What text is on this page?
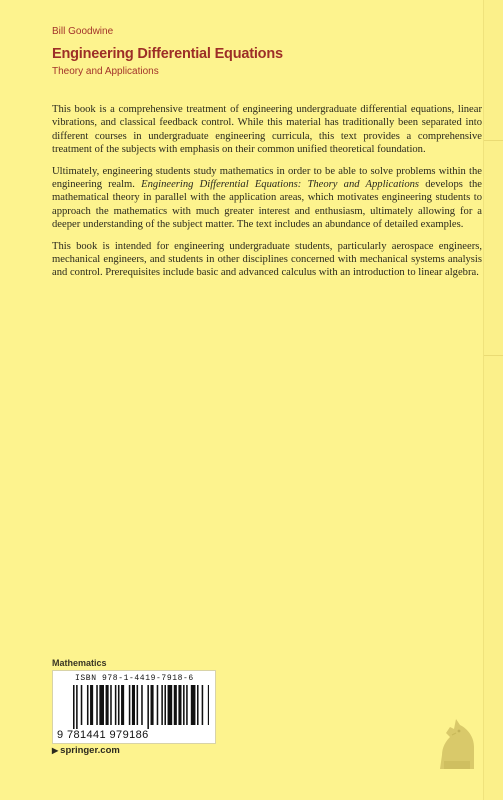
Bill Goodwine
Engineering Differential Equations
Theory and Applications

This book is a comprehensive treatment of engineering undergraduate differential equations, linear vibrations, and classical feedback control. While this material has traditionally been separated into different courses in undergraduate engineering curricula, this text provides a comprehensive treatment of the subjects with emphasis on their common unified theoretical foundation.

Ultimately, engineering students study mathematics in order to be able to solve problems within the engineering realm. Engineering Differential Equations: Theory and Applications develops the mathematical theory in parallel with the application areas, which motivates engineering students to approach the mathematics with much greater interest and enthusiasm, ultimately allowing for a deeper understanding of the subject matter. The text includes an abundance of detailed examples.

This book is intended for engineering undergraduate students, particularly aerospace engineers, mechanical engineers, and students in other disciplines concerned with mechanical systems analysis and control. Prerequisites include basic and advanced calculus with an introduction to linear algebra.

Mathematics
ISBN 978-1-4419-7918-6
9 781441 979186
▶ springer.com
